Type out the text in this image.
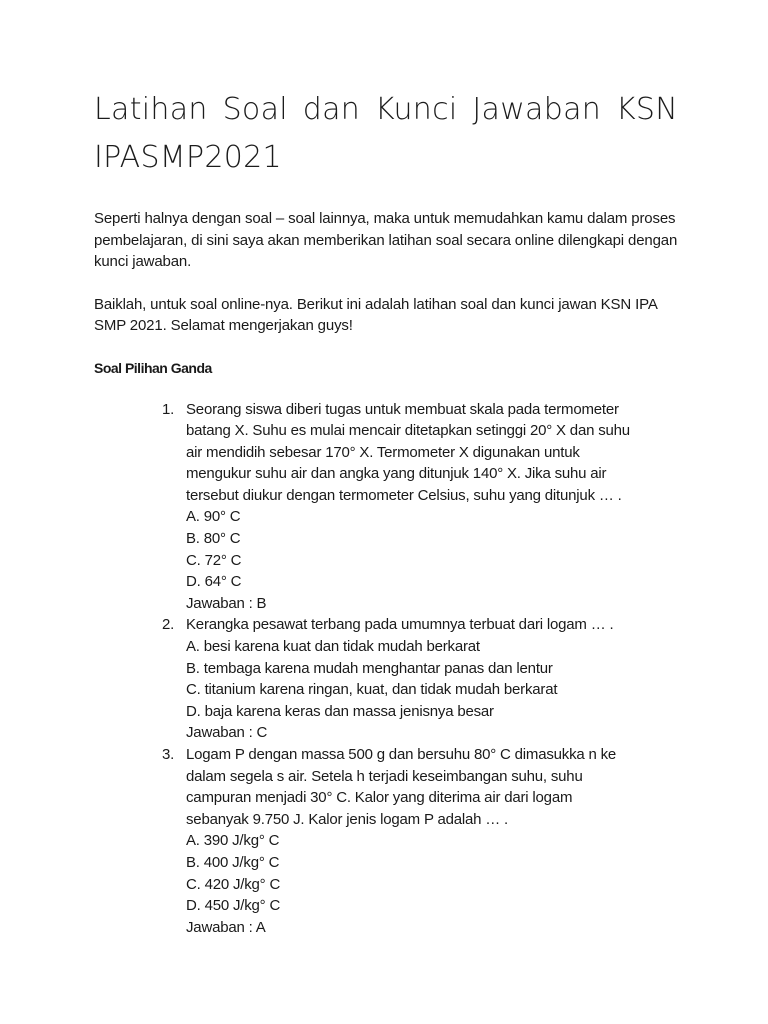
Latihan Soal dan Kunci Jawaban KSN IPASMP2021

Seperti halnya dengan soal – soal lainnya, maka untuk memudahkan kamu dalam proses pembelajaran, di sini saya akan memberikan latihan soal secara online dilengkapi dengan kunci jawaban.

Baiklah, untuk soal online-nya. Berikut ini adalah latihan soal dan kunci jawan KSN IPA SMP 2021. Selamat mengerjakan guys!

Soal Pilihan Ganda
1. Seorang siswa diberi tugas untuk membuat skala pada termometer
batang X. Suhu es mulai mencair ditetapkan setinggi 20° X dan suhu
air mendidih sebesar 170° X. Termometer X digunakan untuk
mengukur suhu air dan angka yang ditunjuk 140° X. Jika suhu air
tersebut diukur dengan termometer Celsius, suhu yang ditunjuk … .
A. 90° C
B. 80° C
C. 72° C
D. 64° C
Jawaban : B
2. Kerangka pesawat terbang pada umumnya terbuat dari logam … .
A. besi karena kuat dan tidak mudah berkarat
B. tembaga karena mudah menghantar panas dan lentur
C. titanium karena ringan, kuat, dan tidak mudah berkarat
D. baja karena keras dan massa jenisnya besar
Jawaban : C
3. Logam P dengan massa 500 g dan bersuhu 80° C dimasukka n ke
dalam segela s air. Setela h terjadi keseimbangan suhu, suhu
campuran menjadi 30° C. Kalor yang diterima air dari logam
sebanyak 9.750 J. Kalor jenis logam P adalah … .
A. 390 J/kg° C
B. 400 J/kg° C
C. 420 J/kg° C
D. 450 J/kg° C
Jawaban : A
